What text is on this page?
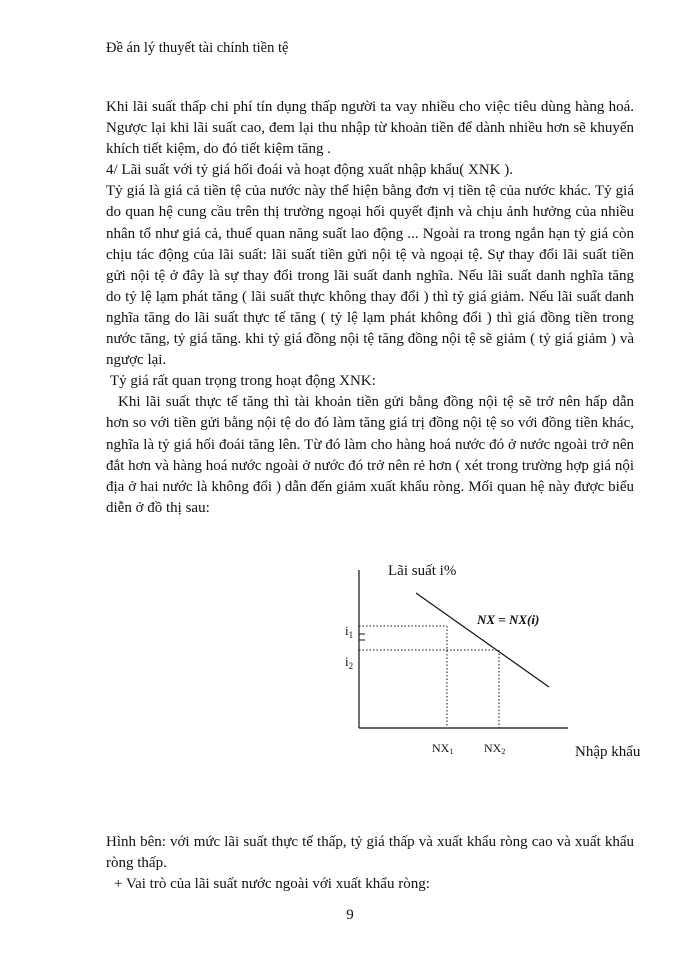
Đề án lý thuyết tài chính tiền tệ

Khi lãi suất thấp chi phí tín dụng thấp người ta vay nhiều cho việc tiêu dùng hàng hoá. Ngược lại khi lãi suất cao, đem lại thu nhập từ khoản tiền để dành nhiều hơn sẽ khuyến khích tiết kiệm, do đó tiết kiệm tăng .

4/ Lãi suất với tỷ giá hối đoái và hoạt động xuất nhập khẩu( XNK ).

Tỷ giá là giá cả tiền tệ của nước này thể hiện bằng đơn vị tiền tệ của nước khác. Tỷ giá do quan hệ cung cầu trên thị trường ngoại hối quyết định và chịu ảnh hưởng của nhiều nhân tố như giá cả, thuế quan năng suất lao động ... Ngoài ra trong ngắn hạn tỷ giá còn chịu tác động của lãi suất: lãi suất tiền gửi nội tệ và ngoại tệ. Sự thay đổi lãi suất tiền gửi nội tệ ở đây là sự thay đổi trong lãi suất danh nghĩa. Nếu lãi suất danh nghĩa tăng do tỷ lệ lạm phát tăng ( lãi suất thực không thay đổi ) thì tỷ giá giảm. Nếu lãi suất danh nghĩa tăng do lãi suất thực tế tăng ( tỷ lệ lạm phát không đổi ) thì giá đồng tiền trong nước tăng, tỷ giá tăng. khi tỷ giá đồng nội tệ tăng đồng nội tệ sẽ giảm ( tỷ giá giảm ) và ngược lại.

Tỷ giá rất quan trọng trong hoạt động XNK:

Khi lãi suất thực tế tăng thì tài khoản tiền gửi bằng đồng nội tệ sẽ trở nên hấp dẫn hơn so với tiền gửi bằng nội tệ do đó làm tăng giá trị đồng nội tệ so với đồng tiền khác, nghĩa là tỷ giá hối đoái tăng lên. Từ đó làm cho hàng hoá nước đó ở nước ngoài trở nên đắt hơn và hàng hoá nước ngoài ở nước đó trở nên rẻ hơn ( xét trong trường hợp giá nội địa ở hai nước là không đổi ) dẫn đến giảm xuất khẩu ròng. Mối quan hệ này được biểu diễn ở đồ thị sau:

Lãi suất i%
NX = NX(i)
$i_1$
$i_2$
NX1	NX2	Nhập khẩu

Hình bên: với mức lãi suất thực tế thấp, tỷ giá thấp và xuất khẩu ròng cao và xuất khẩu ròng thấp.

+ Vai trò của lãi suất nước ngoài với xuất khẩu ròng:

9
